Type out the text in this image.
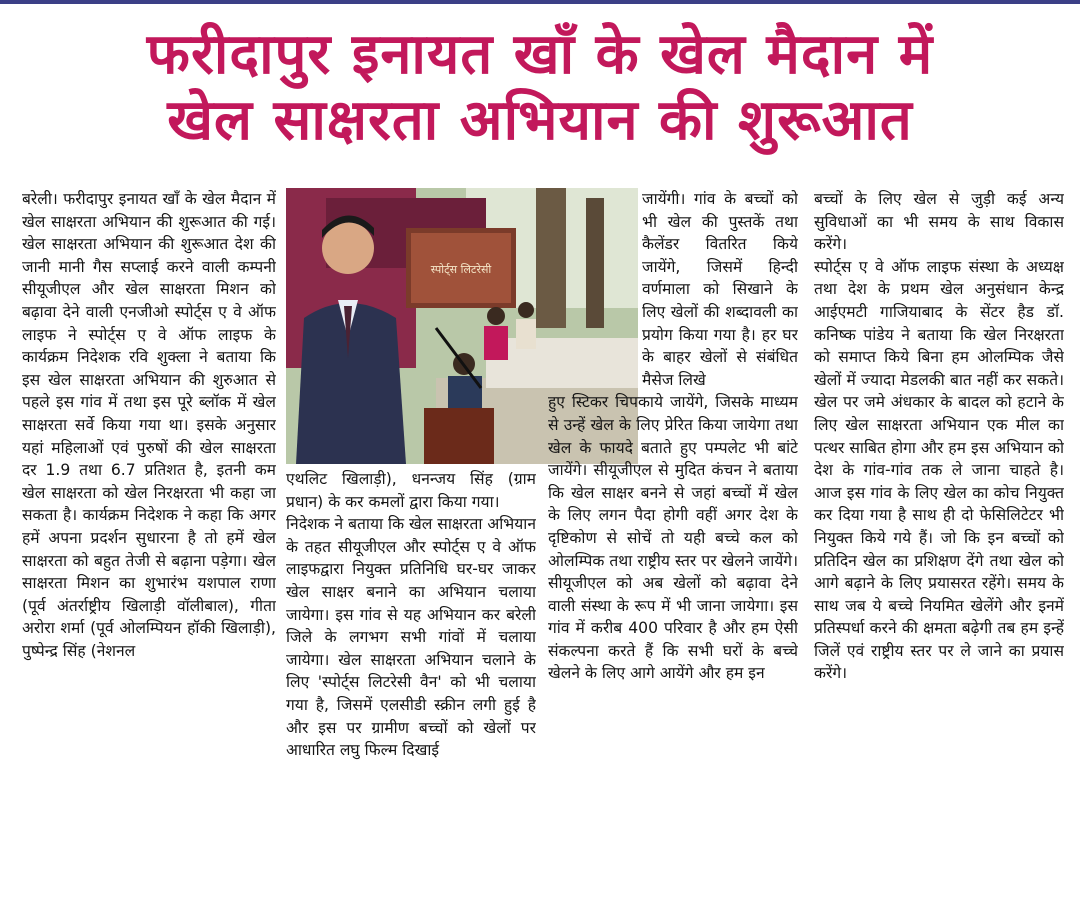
फरीदापुर इनायत खाँ के खेल मैदान में
खेल साक्षरता अभियान की शुरूआत

बरेली। फरीदापुर इनायत खाँ के खेल मैदान में खेल साक्षरता अभियान की शुरूआत की गई। खेल साक्षरता अभियान की शुरूआत देश की जानी मानी गैस सप्लाई करने वाली कम्पनी सीयूजीएल और खेल साक्षरता मिशन को बढ़ावा देने वाली एनजीओ स्पोर्ट्स ए वे ऑफ लाइफ ने स्पोर्ट्स ए वे ऑफ लाइफ के कार्यक्रम निदेशक रवि शुक्ला ने बताया कि इस खेल साक्षरता अभियान की शुरुआत से पहले इस गांव में तथा इस पूरे ब्लॉक में खेल साक्षरता सर्वे किया गया था। इसके अनुसार यहां महिलाओं एवं पुरुषों की खेल साक्षरता दर 1.9 तथा 6.7 प्रतिशत है, इतनी कम खेल साक्षरता को खेल निरक्षरता भी कहा जा सकता है। कार्यक्रम निदेशक ने कहा कि अगर हमें अपना प्रदर्शन सुधारना है तो हमें खेल साक्षरता को बहुत तेजी से बढ़ाना पड़ेगा। खेल साक्षरता मिशन का शुभारंभ यशपाल राणा (पूर्व अंतर्राष्ट्रीय खिलाड़ी वॉलीबाल), गीता अरोरा शर्मा (पूर्व ओलम्पियन हॉकी खिलाड़ी), पुष्पेन्द्र सिंह (नेशनल

स्पोर्ट्स लिटरेसी

एथलिट खिलाड़ी), धनन्जय सिंह (ग्राम प्रधान) के कर कमलों द्वारा किया गया।

निदेशक ने बताया कि खेल साक्षरता अभियान के तहत सीयूजीएल और स्पोर्ट्स ए वे ऑफ लाइफद्वारा नियुक्त प्रतिनिधि घर-घर जाकर खेल साक्षर बनाने का अभियान चलाया जायेगा। इस गांव से यह अभियान कर बरेली जिले के लगभग सभी गांवों में चलाया जायेगा। खेल साक्षरता अभियान चलाने के लिए 'स्पोर्ट्स लिटरेसी वैन' को भी चलाया गया है, जिसमें एलसीडी स्क्रीन लगी हुई है और इस पर ग्रामीण बच्चों को खेलों पर आधारित लघु फिल्म दिखाई

जायेंगी। गांव के बच्चों को भी खेल की पुस्तकें तथा कैलेंडर वितरित किये जायेंगे, जिसमें हिन्दी वर्णमाला को सिखाने के लिए खेलों की शब्दावली का प्रयोग किया गया है। हर घर के बाहर खेलों से संबंधित मैसेज लिखे

हुए स्टिकर चिपकाये जायेंगे, जिसके माध्यम से उन्हें खेल के लिए प्रेरित किया जायेगा तथा खेल के फायदे बताते हुए पम्पलेट भी बांटे जायेंगे। सीयूजीएल से मुदित कंचन ने बताया कि खेल साक्षर बनने से जहां बच्चों में खेल के लिए लगन पैदा होगी वहीं अगर देश के दृष्टिकोण से सोचें तो यही बच्चे कल को ओलम्पिक तथा राष्ट्रीय स्तर पर खेलने जायेंगे। सीयूजीएल को अब खेलों को बढ़ावा देने वाली संस्था के रूप में भी जाना जायेगा। इस गांव में करीब 400 परिवार है और हम ऐसी संकल्पना करते हैं कि सभी घरों के बच्चे खेलने के लिए आगे आयेंगे और हम इन

बच्चों के लिए खेल से जुड़ी कई अन्य सुविधाओं का भी समय के साथ विकास करेंगे।

स्पोर्ट्स ए वे ऑफ लाइफ संस्था के अध्यक्ष तथा देश के प्रथम खेल अनुसंधान केन्द्र आईएमटी गाजियाबाद के सेंटर हैड डॉ. कनिष्क पांडेय ने बताया कि खेल निरक्षरता को समाप्त किये बिना हम ओलम्पिक जैसे खेलों में ज्यादा मेडलकी बात नहीं कर सकते। खेल पर जमे अंधकार के बादल को हटाने के लिए खेल साक्षरता अभियान एक मील का पत्थर साबित होगा और हम इस अभियान को देश के गांव-गांव तक ले जाना चाहते है। आज इस गांव के लिए खेल का कोच नियुक्त कर दिया गया है साथ ही दो फेसिलिटेटर भी नियुक्त किये गये हैं। जो कि इन बच्चों को प्रतिदिन खेल का प्रशिक्षण देंगे तथा खेल को आगे बढ़ाने के लिए प्रयासरत रहेंगे। समय के साथ जब ये बच्चे नियमित खेलेंगे और इनमें प्रतिस्पर्धा करने की क्षमता बढ़ेगी तब हम इन्हें जिलें एवं राष्ट्रीय स्तर पर ले जाने का प्रयास करेंगे।
